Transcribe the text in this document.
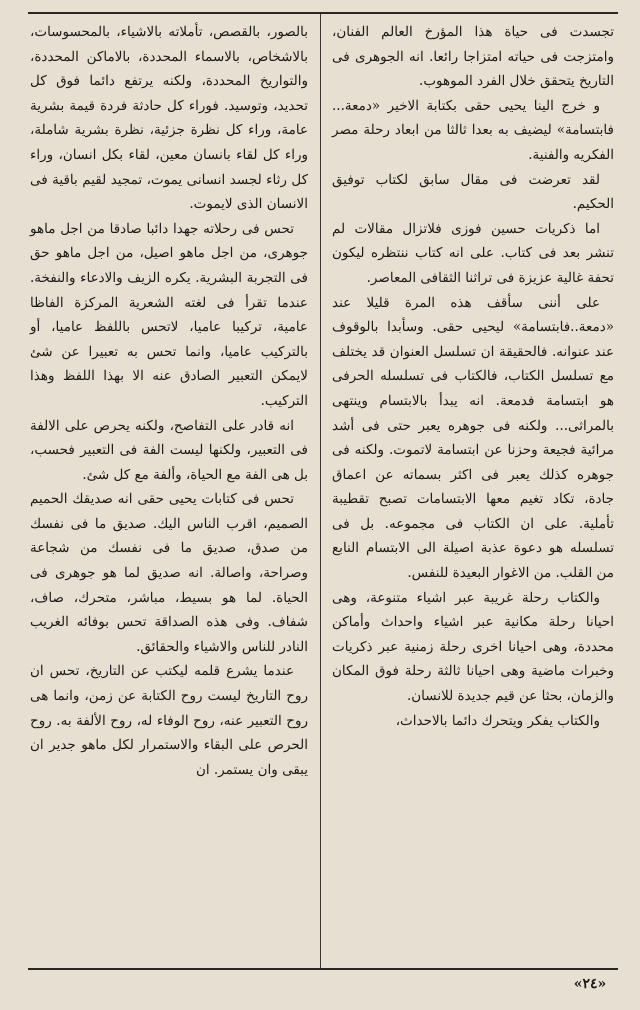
تجسدت فى حياة هذا المؤرخ العالم الفنان، وامتزجت فى حياته امتزاجا رائعا. انه الجوهرى فى التاريخ يتحقق خلال الفرد الموهوب.

و خرج الينا يحيى حقى بكتابة الاخير «دمعة... فابتسامة» ليضيف به بعدا ثالثا من ابعاد رحلة مصر الفكريه والفنية.

لقد تعرضت فى مقال سابق لكتاب توفيق الحكيم.

اما ذكريات حسين فوزى فلاتزال مقالات لم تنشر بعد فى كتاب. على انه كتاب ننتظره ليكون تحفة غالية عزيزة فى تراثنا الثقافى المعاصر.

على أننى سأقف هذه المرة قليلا عند «دمعة..فابتسامة» ليحيى حقى. وسأبدا بالوقوف عند عنوانه. فالحقيقة ان تسلسل العنوان قد يختلف مع تسلسل الكتاب، فالكتاب فى تسلسله الحرفى هو ابتسامة فدمعة. انه يبدأ بالابتسام وينتهى بالمراثى... ولكنه فى جوهره يعبر حتى فى أشد مرائية فجيعة وحزنا عن ابتسامة لاتموت. ولكنه فى جوهره كذلك يعبر فى اكثر بسماته عن اعماق جادة، تكاد تغيم معها الابتسامات تصبح تقطيبة تأملية. على ان الكتاب فى مجموعه. بل فى تسلسله هو دعوة عذبة اصيلة الى الابتسام النابع من القلب. من الاغوار البعيدة للنفس.

والكتاب رحلة غريبة عبر اشياء متنوعة، وهى احيانا رحلة مكانية عبر اشياء واحداث وأماكن محددة، وهى احيانا اخرى رحلة زمنية عبر ذكريات وخبرات ماضية وهى احيانا ثالثة رحلة فوق المكان والزمان، بحثا عن قيم جديدة للانسان.

والكتاب يفكر ويتحرك دائما بالاحداث،

بالصور، بالقصص، تأملاته بالاشياء، بالمحسوسات، بالاشخاص، بالاسماء المحددة، بالاماكن المحددة، والتواريخ المحددة، ولكنه يرتفع دائما فوق كل تحديد، وتوسيد. فوراء كل حادثة فردة قيمة بشرية عامة، وراء كل نظرة جزئية، نظرة بشرية شاملة، وراء كل لقاء بانسان معين، لقاء بكل انسان، وراء كل رثاء لجسد انسانى يموت، تمجيد لقيم باقية فى الانسان الذى لايموت.

تحس فى رحلاته جهدا دائبا صادقا من اجل ماهو جوهرى، من اجل ماهو اصيل، من اجل ماهو حق فى التجربة البشرية. يكره الزيف والادعاء والنفخة. عندما تقرأ فى لغته الشعرية المركزة الفاظا عامية، تركيبا عاميا، لاتحس باللفظ عاميا، أو بالتركيب عاميا، وانما تحس به تعبيرا عن شئ لايمكن التعبير الصادق عنه الا بهذا اللفظ وهذا التركيب.

انه قادر على التفاصح، ولكنه يحرص على الالفة فى التعبير، ولكنها ليست الفة فى التعبير فحسب، بل هى الفة مع الحياة، وألفة مع كل شئ.

تحس فى كتابات يحيى حقى انه صديقك الحميم الصميم، اقرب الناس اليك. صديق ما فى نفسك من صدق، صديق ما فى نفسك من شجاعة وصراحة، واصالة. انه صديق لما هو جوهرى فى الحياة. لما هو بسيط، مباشر، متحرك، صاف، شفاف. وفى هذه الصداقة تحس بوفائه الغريب النادر للناس والاشياء والحقائق.

عندما يشرع قلمه ليكتب عن التاريخ، تحس ان روح التاريخ ليست روح الكتابة عن زمن، وانما هى روح التعبير عنه، روح الوفاء له، روح الألفة به. روح الحرص على البقاء والاستمرار لكل ماهو جدير ان يبقى وان يستمر. ان

«٢٤»
